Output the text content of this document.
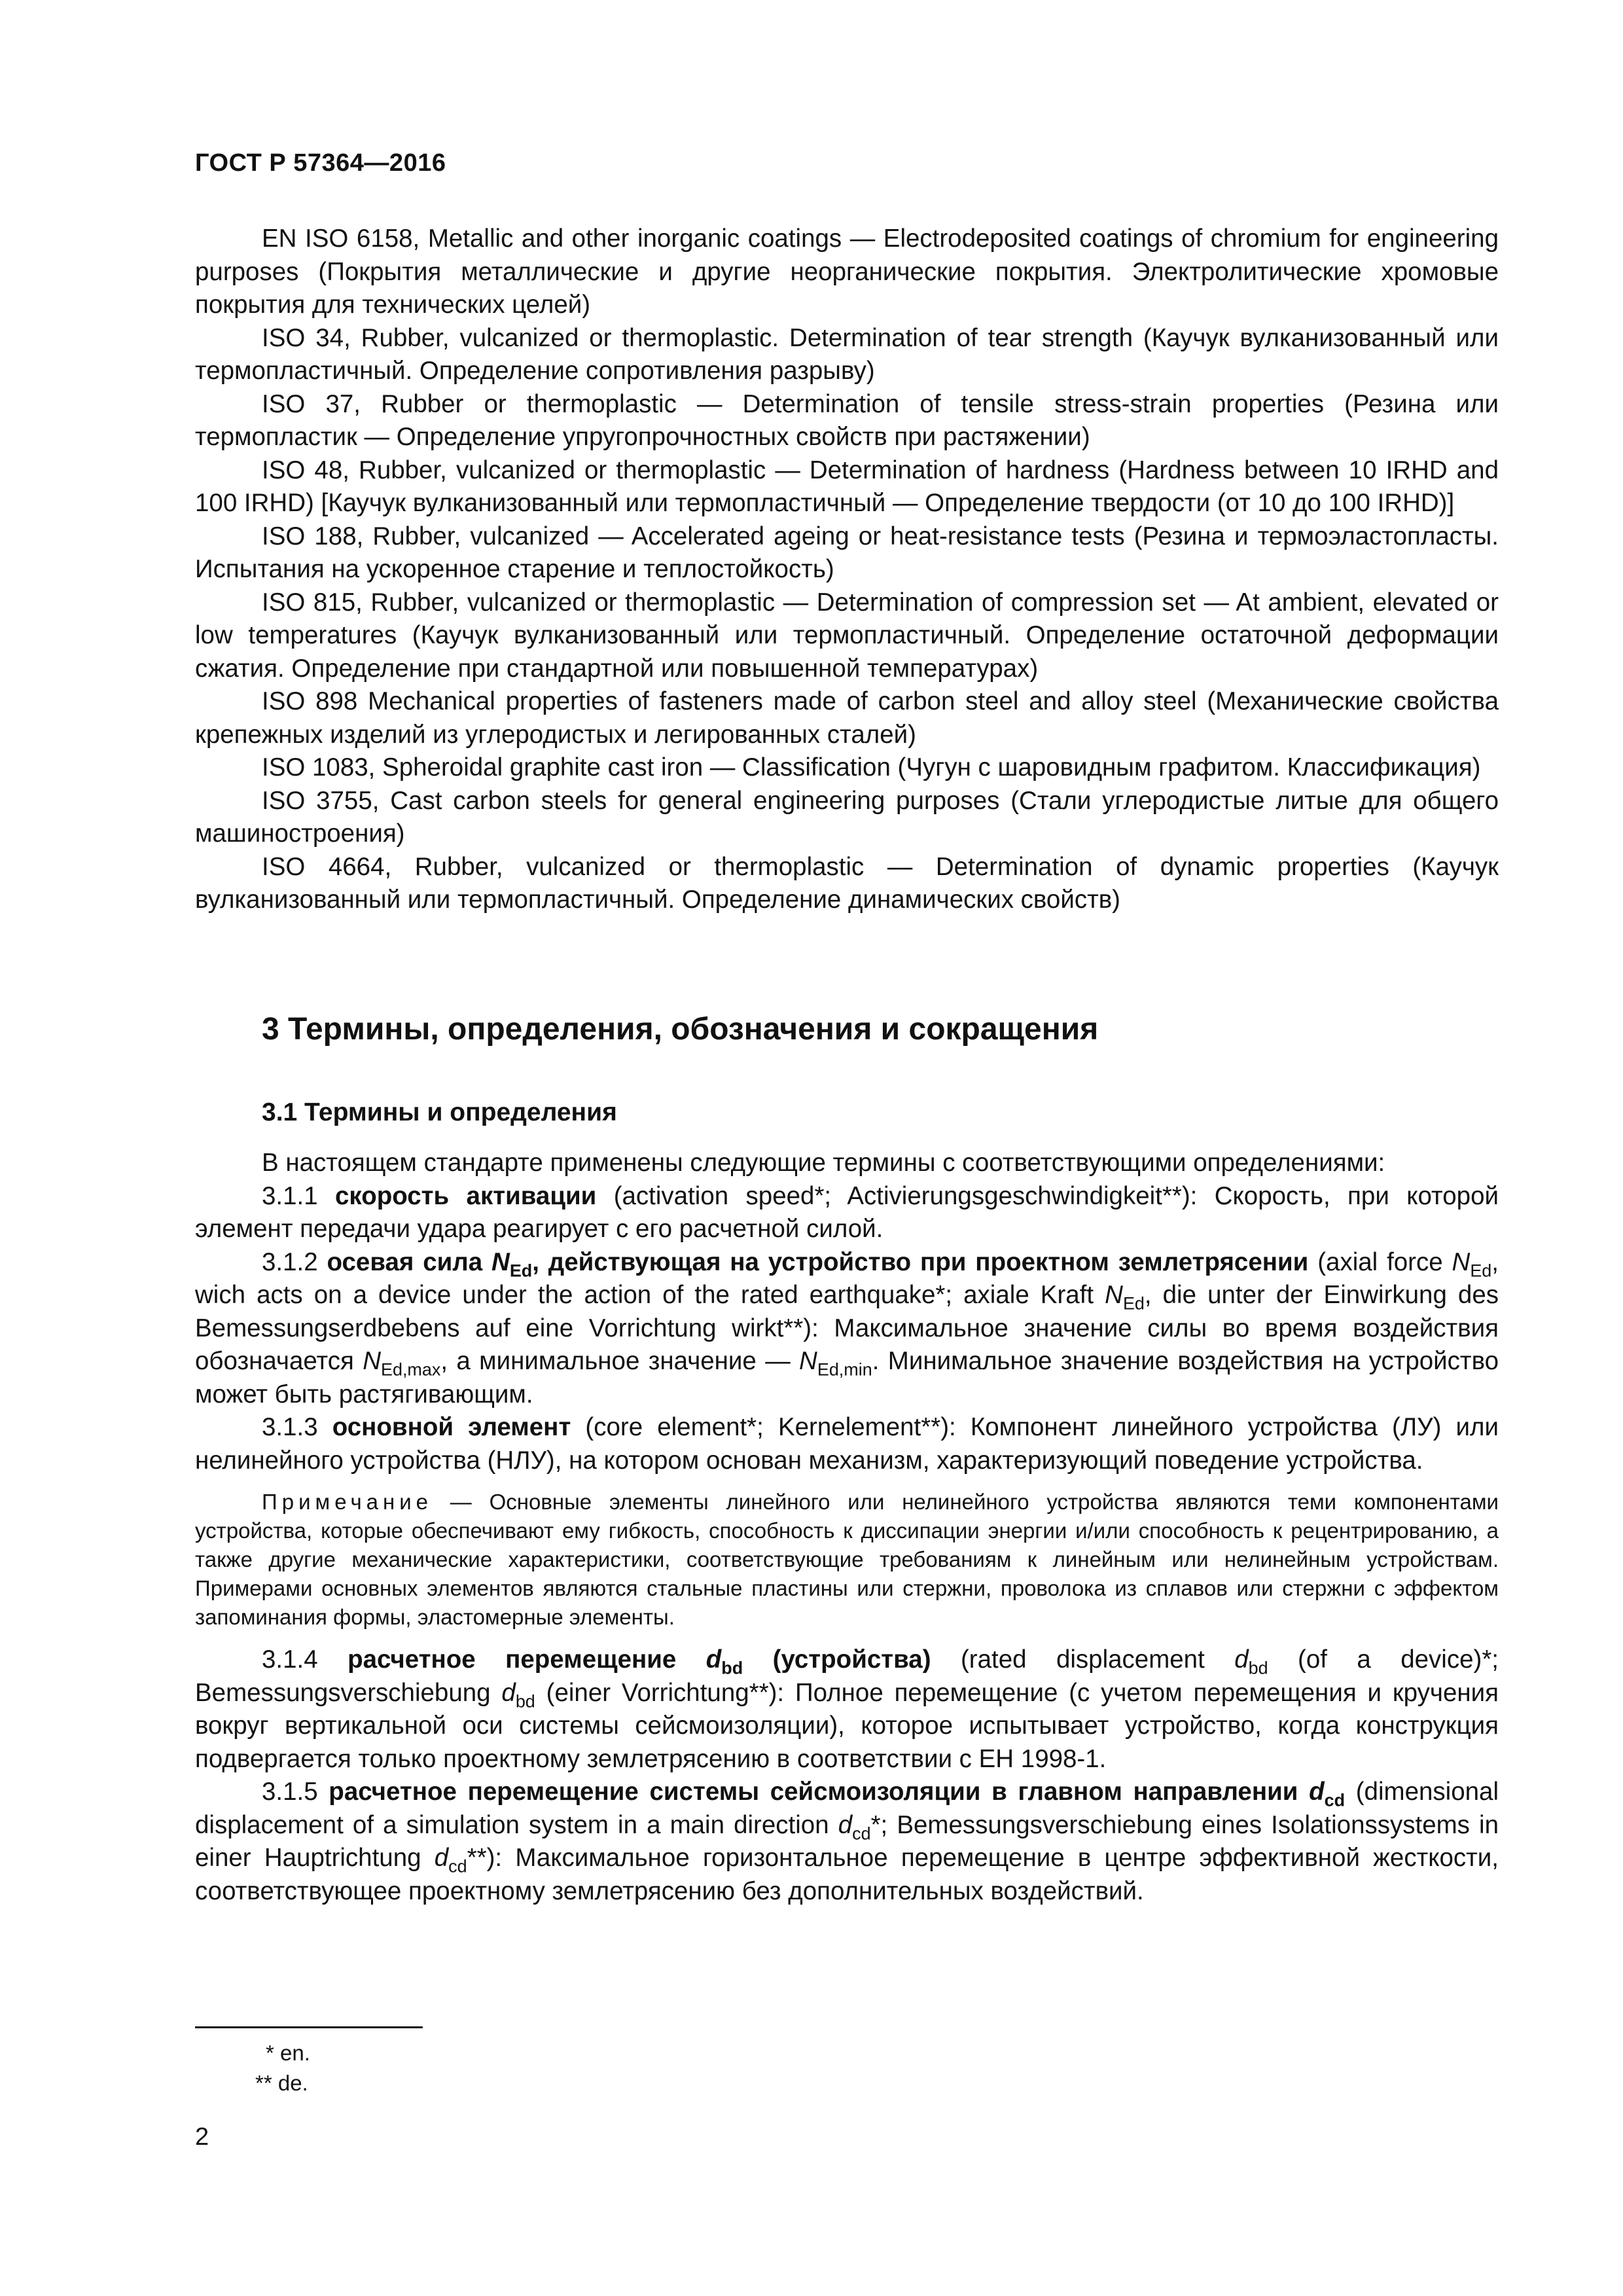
ГОСТ Р 57364—2016

EN ISO 6158, Metallic and other inorganic coatings — Electrodeposited coatings of chromium for engineering purposes (Покрытия металлические и другие неорганические покрытия. Электролитические хромовые покрытия для технических целей)

ISO 34, Rubber, vulcanized or thermoplastic. Determination of tear strength (Каучук вулканизованный или термопластичный. Определение сопротивления разрыву)

ISO 37, Rubber or thermoplastic — Determination of tensile stress-strain properties (Резина или термопластик — Определение упругопрочностных свойств при растяжении)

ISO 48, Rubber, vulcanized or thermoplastic — Determination of hardness (Hardness between 10 IRHD and 100 IRHD) [Каучук вулканизованный или термопластичный — Определение твердости (от 10 до 100 IRHD)]

ISO 188, Rubber, vulcanized — Accelerated ageing or heat-resistance tests (Резина и термоэластопласты. Испытания на ускоренное старение и теплостойкость)

ISO 815, Rubber, vulcanized or thermoplastic — Determination of compression set — At ambient, elevated or low temperatures (Каучук вулканизованный или термопластичный. Определение остаточной деформации сжатия. Определение при стандартной или повышенной температурах)

ISO 898 Mechanical properties of fasteners made of carbon steel and alloy steel (Механические свойства крепежных изделий из углеродистых и легированных сталей)

ISO 1083, Spheroidal graphite cast iron — Classification (Чугун с шаровидным графитом. Классификация)

ISO 3755, Cast carbon steels for general engineering purposes (Стали углеродистые литые для общего машиностроения)

ISO 4664, Rubber, vulcanized or thermoplastic — Determination of dynamic properties (Каучук вулканизованный или термопластичный. Определение динамических свойств)

3 Термины, определения, обозначения и сокращения
3.1 Термины и определения

В настоящем стандарте применены следующие термины с соответствующими определениями:

3.1.1 скорость активации (activation speed*; Activierungsgeschwindigkeit**): Скорость, при которой элемент передачи удара реагирует с его расчетной силой.

3.1.2 осевая сила $N_{Ed}$, действующая на устройство при проектном землетрясении (axial force $N_{Ed}$, wich acts on a device under the action of the rated earthquake*; axiale Kraft $N_{Ed}$, die unter der Einwirkung des Bemessungserdbebens auf eine Vorrichtung wirkt**): Максимальное значение силы во время воздействия обозначается $N_{Ed,max}$, а минимальное значение — $N_{Ed,min}$. Минимальное значение воздействия на устройство может быть растягивающим.

3.1.3 основной элемент (core element*; Kernelement**): Компонент линейного устройства (ЛУ) или нелинейного устройства (НЛУ), на котором основан механизм, характеризующий поведение устройства.

Примечание — Основные элементы линейного или нелинейного устройства являются теми компонентами устройства, которые обеспечивают ему гибкость, способность к диссипации энергии и/или способность к рецентрированию, а также другие механические характеристики, соответствующие требованиям к линейным или нелинейным устройствам. Примерами основных элементов являются стальные пластины или стержни, проволока из сплавов или стержни с эффектом запоминания формы, эластомерные элементы.

3.1.4 расчетное перемещение $d_{bd}$ (устройства) (rated displacement $d_{bd}$ (of a device)*; Bemessungsverschiebung $d_{bd}$ (einer Vorrichtung**): Полное перемещение (с учетом перемещения и кручения вокруг вертикальной оси системы сейсмоизоляции), которое испытывает устройство, когда конструкция подвергается только проектному землетрясению в соответствии с ЕН 1998-1.

3.1.5 расчетное перемещение системы сейсмоизоляции в главном направлении $d_{cd}$ (dimensional displacement of a simulation system in a main direction $d_{cd}*$; Bemessungsverschiebung eines Isolationssystems in einer Hauptrichtung $d_{cd}**$): Максимальное горизонтальное перемещение в центре эффективной жесткости, соответствующее проектному землетрясению без дополнительных воздействий.

* en.
** de.
2
